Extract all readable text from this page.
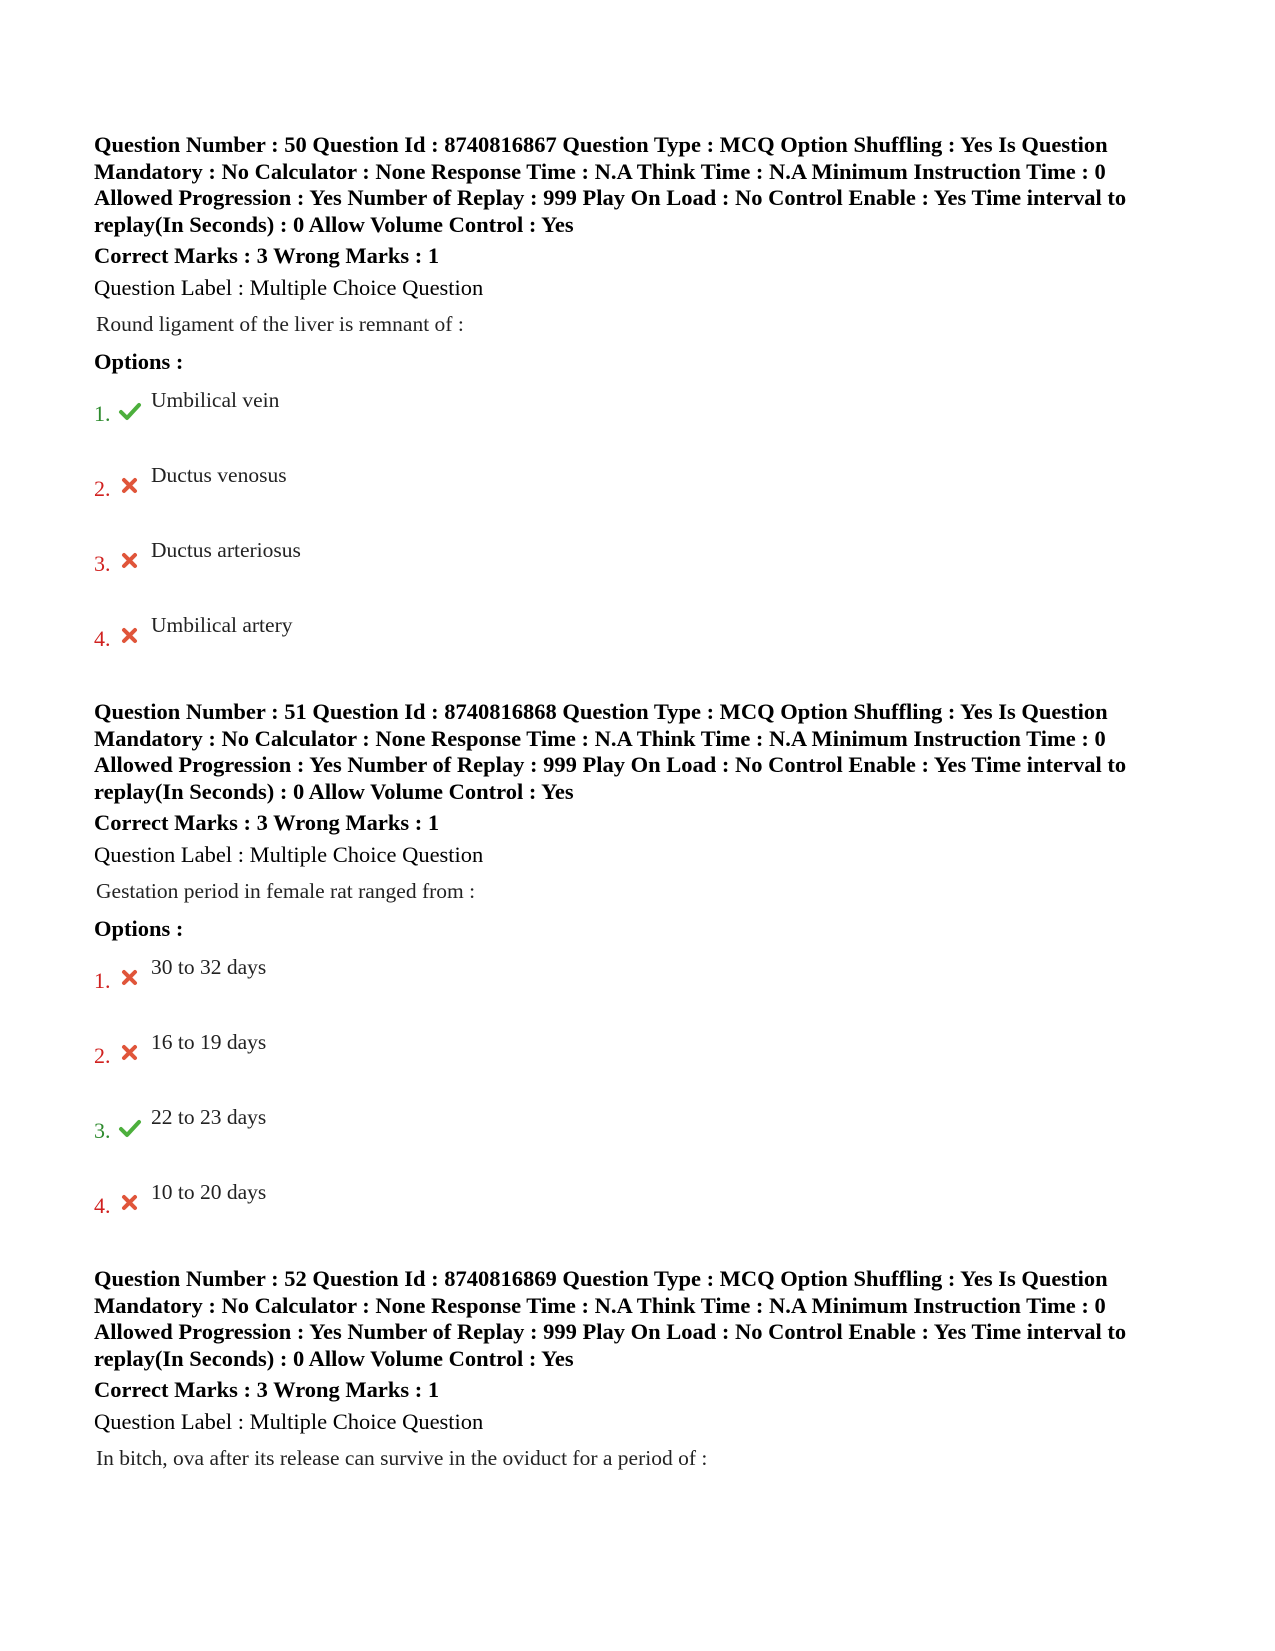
Question Number : 50 Question Id : 8740816867 Question Type : MCQ Option Shuffling : Yes Is Question Mandatory : No Calculator : None Response Time : N.A Think Time : N.A Minimum Instruction Time : 0 Allowed Progression : Yes Number of Replay : 999 Play On Load : No Control Enable : Yes Time interval to replay(In Seconds) : 0 Allow Volume Control : Yes

Correct Marks : 3 Wrong Marks : 1
Question Label : Multiple Choice Question
Round ligament of the liver is remnant of :
Options :
1.
Umbilical vein
2.
Ductus venosus
3.
Ductus arteriosus
4.
Umbilical artery

Question Number : 51 Question Id : 8740816868 Question Type : MCQ Option Shuffling : Yes Is Question Mandatory : No Calculator : None Response Time : N.A Think Time : N.A Minimum Instruction Time : 0 Allowed Progression : Yes Number of Replay : 999 Play On Load : No Control Enable : Yes Time interval to replay(In Seconds) : 0 Allow Volume Control : Yes

Correct Marks : 3 Wrong Marks : 1
Question Label : Multiple Choice Question
Gestation period in female rat ranged from :
Options :
1.
30 to 32 days
2.
16 to 19 days
3.
22 to 23 days
4.
10 to 20 days

Question Number : 52 Question Id : 8740816869 Question Type : MCQ Option Shuffling : Yes Is Question Mandatory : No Calculator : None Response Time : N.A Think Time : N.A Minimum Instruction Time : 0 Allowed Progression : Yes Number of Replay : 999 Play On Load : No Control Enable : Yes Time interval to replay(In Seconds) : 0 Allow Volume Control : Yes

Correct Marks : 3 Wrong Marks : 1
Question Label : Multiple Choice Question
In bitch, ova after its release can survive in the oviduct for a period of :
